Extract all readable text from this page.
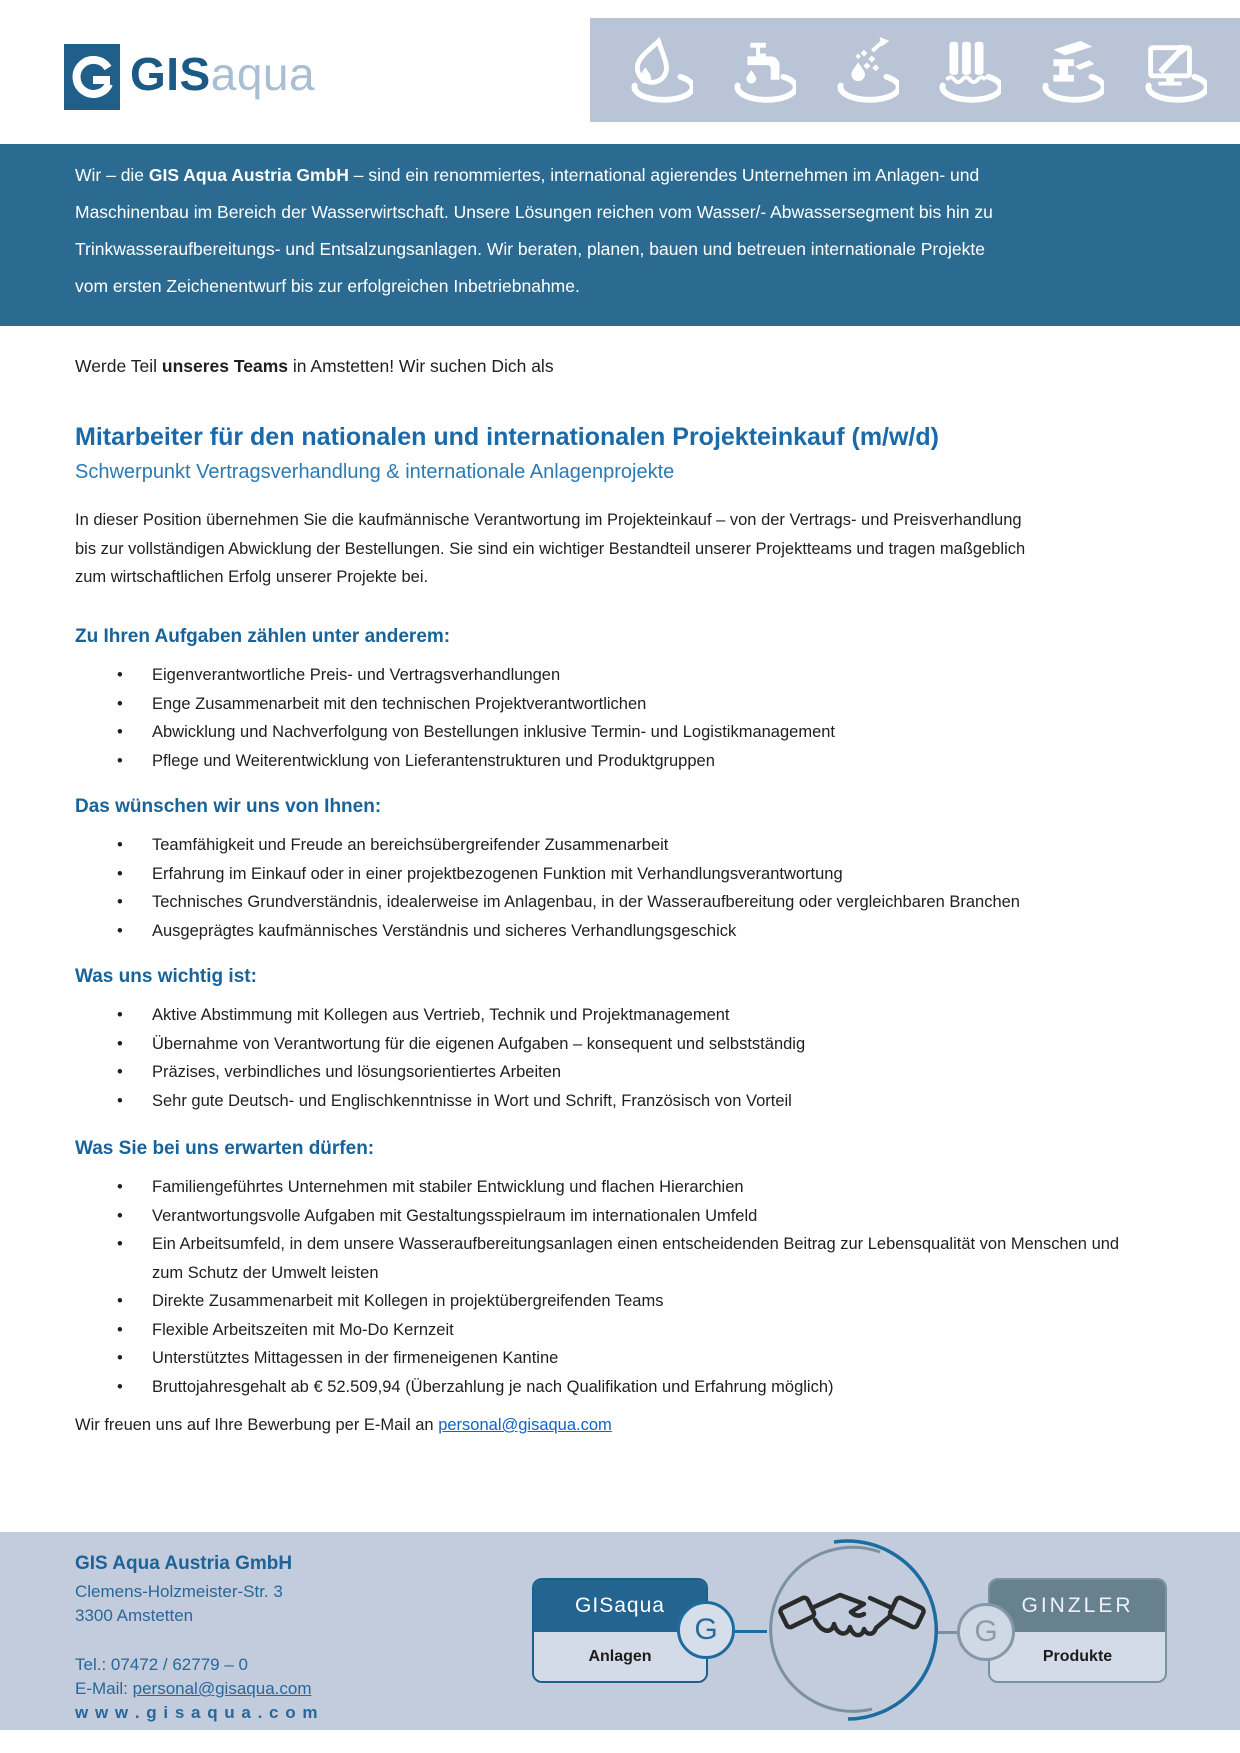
GIS aqua
Wir – die GIS Aqua Austria GmbH – sind ein renommiertes, international agierendes Unternehmen im Anlagen- und
Maschinenbau im Bereich der Wasserwirtschaft. Unsere Lösungen reichen vom Wasser/- Abwassersegment bis hin zu
Trinkwasseraufbereitungs- und Entsalzungsanlagen. Wir beraten, planen, bauen und betreuen internationale Projekte
vom ersten Zeichenentwurf bis zur erfolgreichen Inbetriebnahme.
Werde Teil unseres Teams in Amstetten! Wir suchen Dich als
Mitarbeiter für den nationalen und internationalen Projekteinkauf (m/w/d)
Schwerpunkt Vertragsverhandlung & internationale Anlagenprojekte
In dieser Position übernehmen Sie die kaufmännische Verantwortung im Projekteinkauf – von der Vertrags- und Preisverhandlung
bis zur vollständigen Abwicklung der Bestellungen. Sie sind ein wichtiger Bestandteil unserer Projektteams und tragen maßgeblich
zum wirtschaftlichen Erfolg unserer Projekte bei.
Zu Ihren Aufgaben zählen unter anderem:
• Eigenverantwortliche Preis- und Vertragsverhandlungen
• Enge Zusammenarbeit mit den technischen Projektverantwortlichen
• Abwicklung und Nachverfolgung von Bestellungen inklusive Termin- und Logistikmanagement
• Pflege und Weiterentwicklung von Lieferantenstrukturen und Produktgruppen
Das wünschen wir uns von Ihnen:
• Teamfähigkeit und Freude an bereichsübergreifender Zusammenarbeit
• Erfahrung im Einkauf oder in einer projektbezogenen Funktion mit Verhandlungsverantwortung
• Technisches Grundverständnis, idealerweise im Anlagenbau, in der Wasseraufbereitung oder vergleichbaren Branchen
• Ausgeprägtes kaufmännisches Verständnis und sicheres Verhandlungsgeschick
Was uns wichtig ist:
• Aktive Abstimmung mit Kollegen aus Vertrieb, Technik und Projektmanagement
• Übernahme von Verantwortung für die eigenen Aufgaben – konsequent und selbstständig
• Präzises, verbindliches und lösungsorientiertes Arbeiten
• Sehr gute Deutsch- und Englischkenntnisse in Wort und Schrift, Französisch von Vorteil
Was Sie bei uns erwarten dürfen:
• Familiengeführtes Unternehmen mit stabiler Entwicklung und flachen Hierarchien
• Verantwortungsvolle Aufgaben mit Gestaltungsspielraum im internationalen Umfeld
• Ein Arbeitsumfeld, in dem unsere Wasseraufbereitungsanlagen einen entscheidenden Beitrag zur Lebensqualität von Menschen und zum Schutz der Umwelt leisten
• Direkte Zusammenarbeit mit Kollegen in projektübergreifenden Teams
• Flexible Arbeitszeiten mit Mo-Do Kernzeit
• Unterstütztes Mittagessen in der firmeneigenen Kantine
• Bruttojahresgehalt ab € 52.509,94 (Überzahlung je nach Qualifikation und Erfahrung möglich)
Wir freuen uns auf Ihre Bewerbung per E-Mail an personal@gisaqua.com
GIS Aqua Austria GmbH
Clemens-Holzmeister-Str. 3
3300 Amstetten
Tel.: 07472 / 62779 – 0
E-Mail: personal@gisaqua.com
w w w . g i s a q u a . c o m
GISaqua
Anlagen
GINZLER
Produkte
G	G
